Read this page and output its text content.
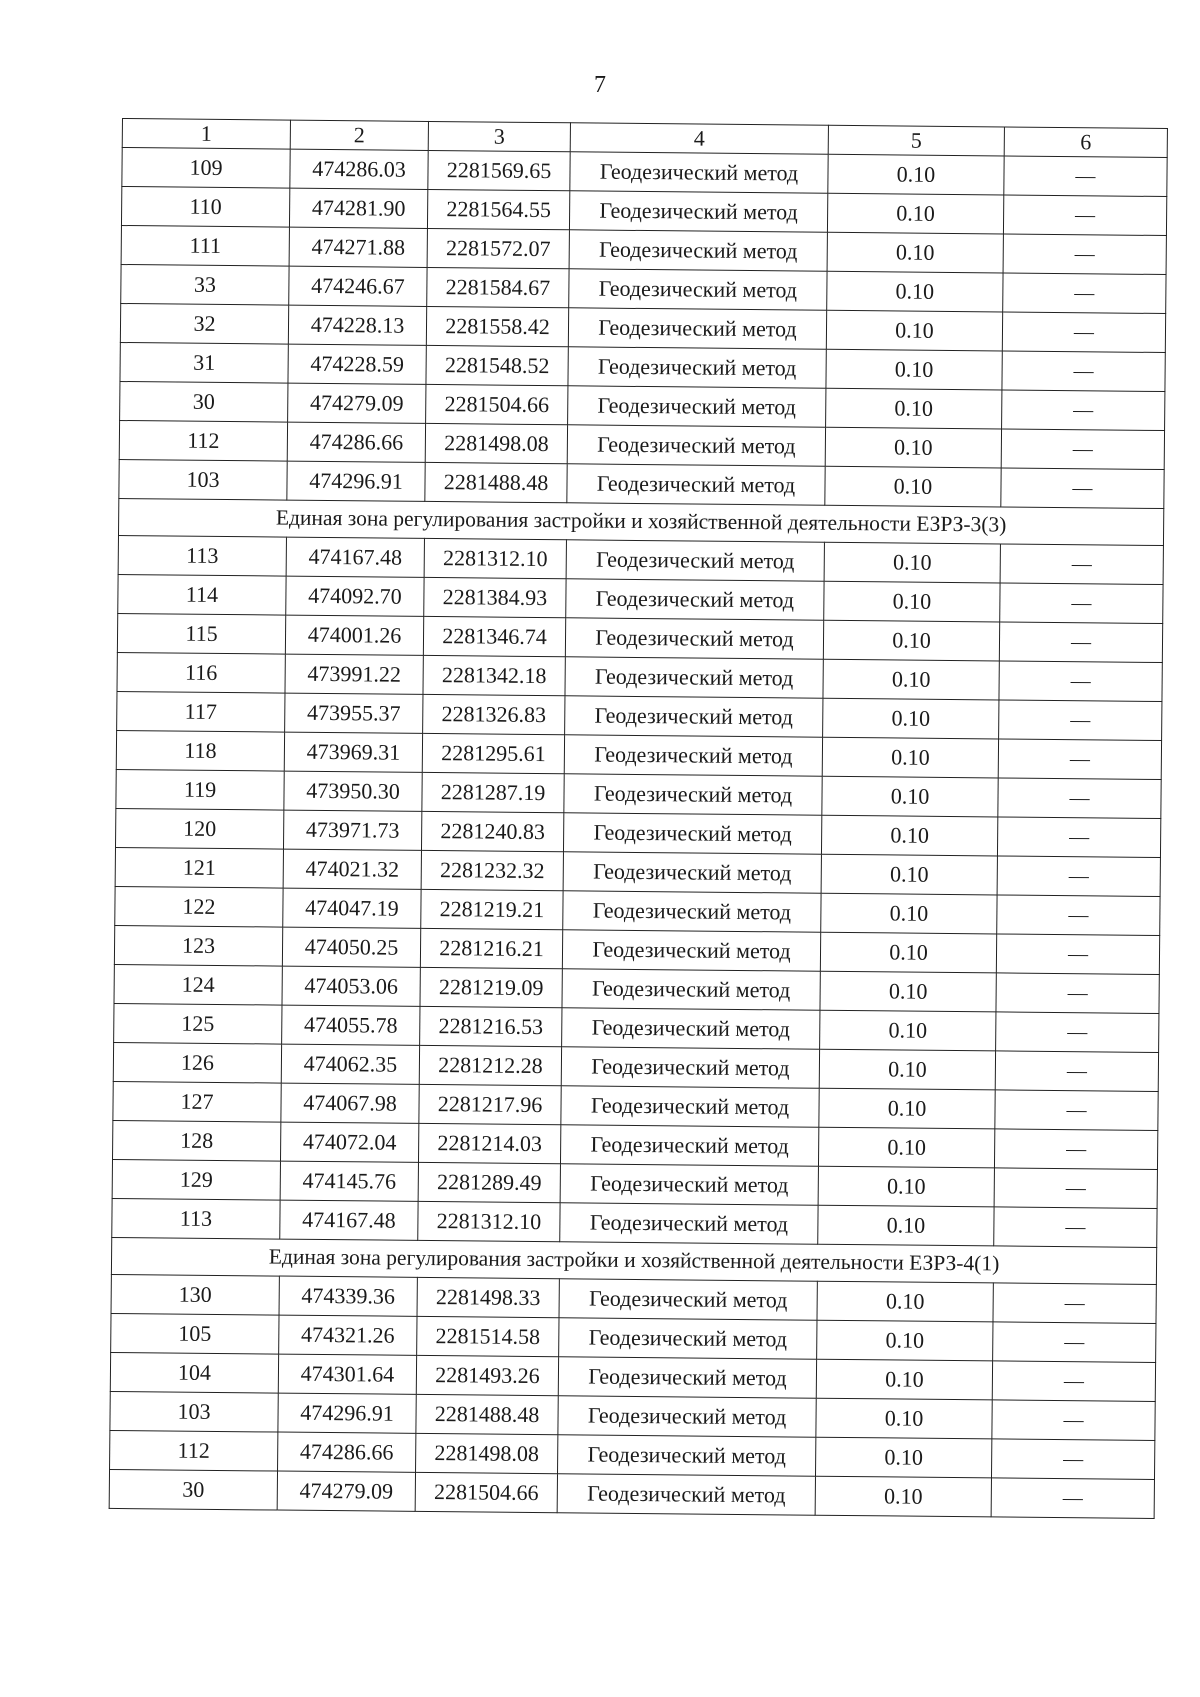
7
1	2	3	4	5	6
109	474286.03	2281569.65	Геодезический метод	0.10	—
110	474281.90	2281564.55	Геодезический метод	0.10	—
111	474271.88	2281572.07	Геодезический метод	0.10	—
33	474246.67	2281584.67	Геодезический метод	0.10	—
32	474228.13	2281558.42	Геодезический метод	0.10	—
31	474228.59	2281548.52	Геодезический метод	0.10	—
30	474279.09	2281504.66	Геодезический метод	0.10	—
112	474286.66	2281498.08	Геодезический метод	0.10	—
103	474296.91	2281488.48	Геодезический метод	0.10	—
Единая зона регулирования застройки и хозяйственной деятельности ЕЗРЗ-3(3)					
113	474167.48	2281312.10	Геодезический метод	0.10	—
114	474092.70	2281384.93	Геодезический метод	0.10	—
115	474001.26	2281346.74	Геодезический метод	0.10	—
116	473991.22	2281342.18	Геодезический метод	0.10	—
117	473955.37	2281326.83	Геодезический метод	0.10	—
118	473969.31	2281295.61	Геодезический метод	0.10	—
119	473950.30	2281287.19	Геодезический метод	0.10	—
120	473971.73	2281240.83	Геодезический метод	0.10	—
121	474021.32	2281232.32	Геодезический метод	0.10	—
122	474047.19	2281219.21	Геодезический метод	0.10	—
123	474050.25	2281216.21	Геодезический метод	0.10	—
124	474053.06	2281219.09	Геодезический метод	0.10	—
125	474055.78	2281216.53	Геодезический метод	0.10	—
126	474062.35	2281212.28	Геодезический метод	0.10	—
127	474067.98	2281217.96	Геодезический метод	0.10	—
128	474072.04	2281214.03	Геодезический метод	0.10	—
129	474145.76	2281289.49	Геодезический метод	0.10	—
113	474167.48	2281312.10	Геодезический метод	0.10	—
Единая зона регулирования застройки и хозяйственной деятельности ЕЗРЗ-4(1)					
130	474339.36	2281498.33	Геодезический метод	0.10	—
105	474321.26	2281514.58	Геодезический метод	0.10	—
104	474301.64	2281493.26	Геодезический метод	0.10	—
103	474296.91	2281488.48	Геодезический метод	0.10	—
112	474286.66	2281498.08	Геодезический метод	0.10	—
30	474279.09	2281504.66	Геодезический метод	0.10	—
